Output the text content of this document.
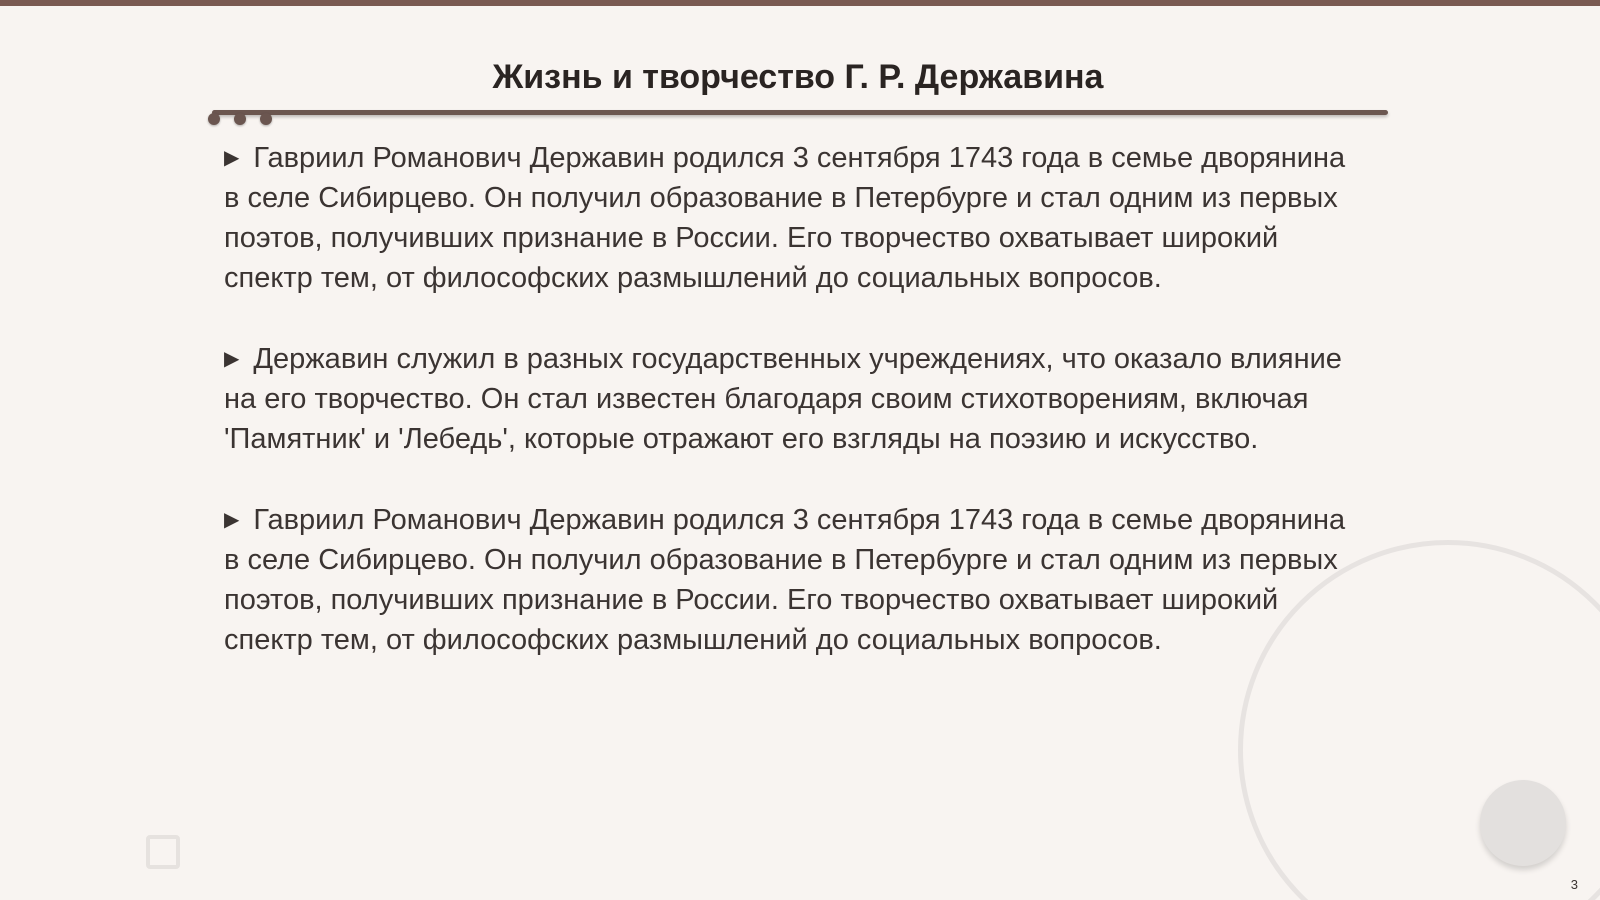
Жизнь и творчество Г. Р. Державина
▶ Гавриил Романович Державин родился 3 сентября 1743 года в семье дворянина в селе Сибирцево. Он получил образование в Петербурге и стал одним из первых поэтов, получивших признание в России. Его творчество охватывает широкий спектр тем, от философских размышлений до социальных вопросов.
▶ Державин служил в разных государственных учреждениях, что оказало влияние на его творчество. Он стал известен благодаря своим стихотворениям, включая 'Памятник' и 'Лебедь', которые отражают его взгляды на поэзию и искусство.
▶ Гавриил Романович Державин родился 3 сентября 1743 года в семье дворянина в селе Сибирцево. Он получил образование в Петербурге и стал одним из первых поэтов, получивших признание в России. Его творчество охватывает широкий спектр тем, от философских размышлений до социальных вопросов.
3
